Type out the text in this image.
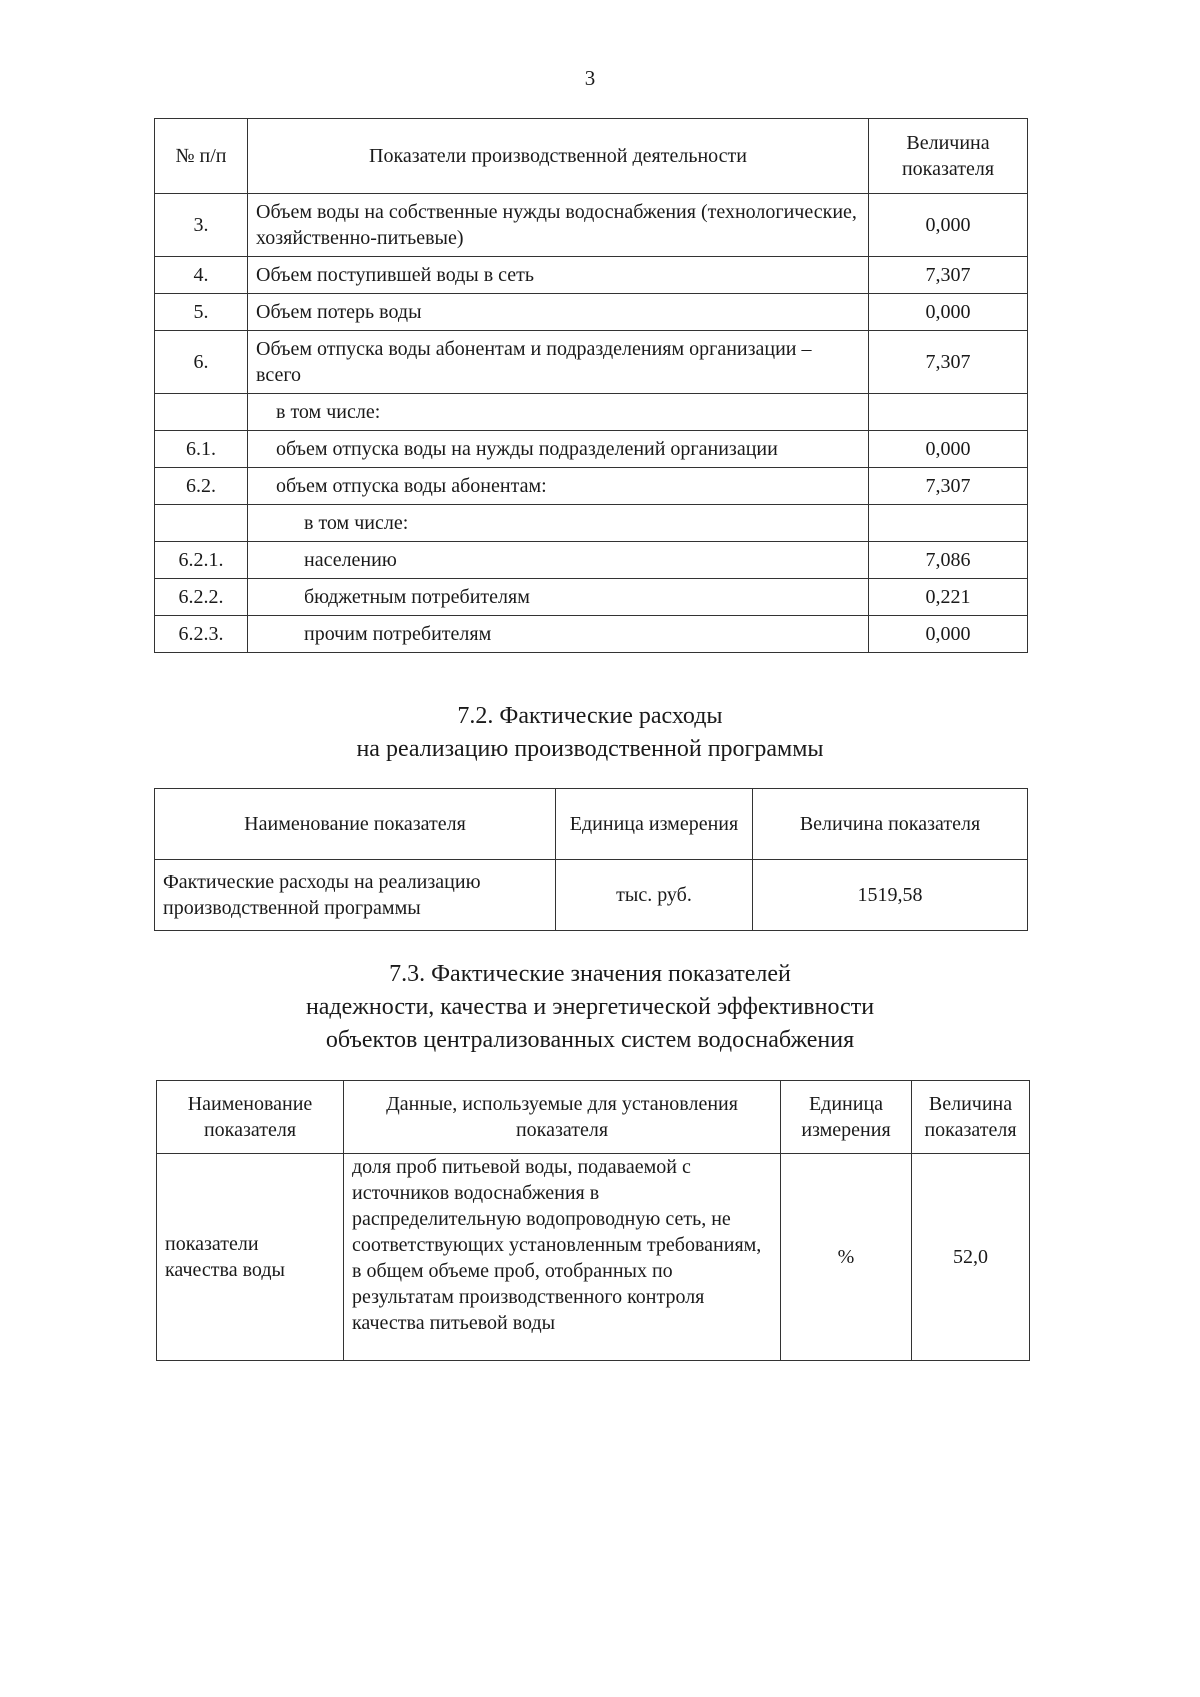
3
№ п/п	Показатели производственной деятельности	Величина показателя
3.	Объем воды на собственные нужды водоснабжения (технологические, хозяйственно-питьевые)	0,000
4.	Объем поступившей воды в сеть	7,307
5.	Объем потерь воды	0,000
6.	Объем отпуска воды абонентам и подразделениям организации – всего	7,307
	в том числе:	
6.1.	объем отпуска воды на нужды подразделений организации	0,000
6.2.	объем отпуска воды абонентам:	7,307
	в том числе:	
6.2.1.	населению	7,086
6.2.2.	бюджетным потребителям	0,221
6.2.3.	прочим потребителям	0,000
7.2. Фактические расходы
на реализацию производственной программы
Наименование показателя	Единица измерения	Величина показателя
Фактические расходы на реализацию производственной программы	тыс. руб.	1519,58
7.3. Фактические значения показателей
надежности, качества и энергетической эффективности
объектов централизованных систем водоснабжения
Наименование показателя	Данные, используемые для установления показателя	Единица измерения	Величина показателя
показатели качества воды	доля проб питьевой воды, подаваемой с источников водоснабжения в распределительную водопроводную сеть, не соответствующих установленным требованиям, в общем объеме проб, отобранных по результатам производственного контроля качества питьевой воды	%	52,0
